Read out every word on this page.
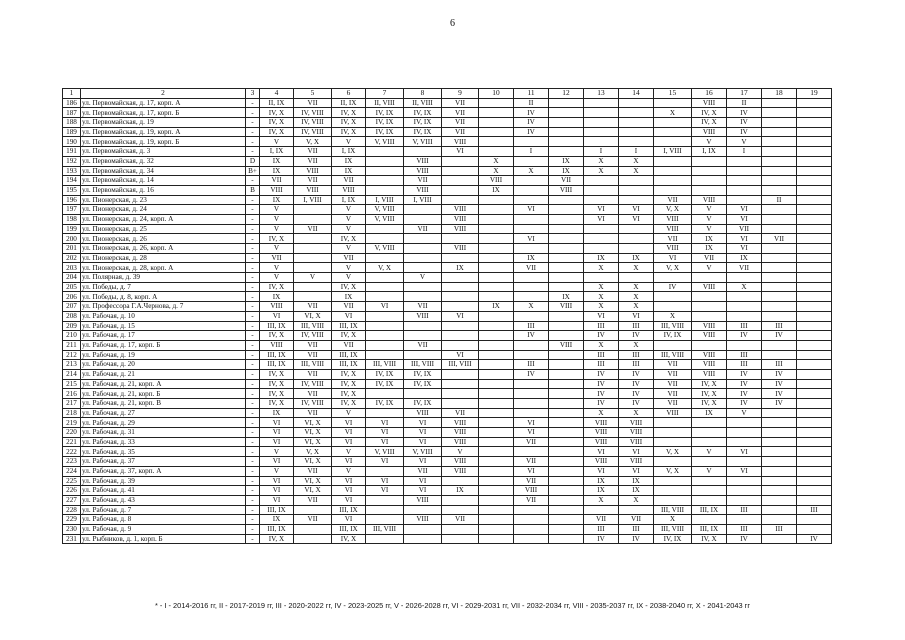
6
1	2	3	4	5	6	7	8	9	10	11	12	13	14	15	16	17	18	19
186	ул. Первомайская, д. 17, корп. А	-	II, IX	VII	II, IX	II, VIII	II, VIII	VII		II					VIII	II		
187	ул. Первомайская, д. 17, корп. Б	-	IV, X	IV, VIII	IV, X	IV, IX	IV, IX	VII		IV				X	IV, X	IV		
188	ул. Первомайская, д. 19	-	IV, X	IV, VIII	IV, X	IV, IX	IV, IX	VII		IV					IV, X	IV		
189	ул. Первомайская, д. 19, корп. А	-	IV, X	IV, VIII	IV, X	IV, IX	IV, IX	VII		IV					VIII	IV		
190	ул. Первомайская, д. 19, корп. Б	-	V	V, X	V	V, VIII	V, VIII	VIII							V	V		
191	ул. Первомайская, д. 3	-	I, IX	VII	I, IX			VI		I		I	I	I, VIII	I, IX	I		
192	ул. Первомайская, д. 32	D	IX	VII	IX		VIII		X		IX	X	X					
193	ул. Первомайская, д. 34	B+	IX	VIII	IX		VIII		X	X	IX	X	X					
194	ул. Первомайская, д. 14	-	VII	VII	VII		VII		VIII		VII							
195	ул. Первомайская, д. 16	B	VIII	VIII	VIII		VIII		IX		VIII							
196	ул. Пионерская, д. 23	-	IX	I, VIII	I, IX	I, VIII	I, VIII							VII	VIII		II	
197	ул. Пионерская, д. 24	-	V		V	V, VIII		VIII		VI		VI	VI	V, X	V	VI		
198	ул. Пионерская, д. 24, корп. А	-	V		V	V, VIII		VIII				VI	VI	VIII	V	VI		
199	ул. Пионерская, д. 25	-	V	VII	V		VII	VIII						VIII	V	VII		
200	ул. Пионерская, д. 26	-	IV, X		IV, X					VI				VII	IX	VI	VII	
201	ул. Пионерская, д. 26, корп. А	-	V		V	V, VIII		VIII						VIII	IX	VI		
202	ул. Пионерская, д. 28	-	VII		VII					IX		IX	IX	VI	VII	IX		
203	ул. Пионерская, д. 28, корп. А	-	V		V	V, X		IX		VII		X	X	V, X	V	VII		
204	ул. Полярная, д. 39	-	V	V	V		V											
205	ул. Победы, д. 7	-	IV, X		IV, X							X	X	IV	VIII	X		
206	ул. Победы, д. 8, корп. А	-	IX		IX						IX	X	X					
207	ул. Профессора Г.А.Чернова, д. 7	-	VIII	VII	VII	VI	VII		IX	X	VIII	X	X					
208	ул. Рабочая, д. 10	-	VI	VI, X	VI		VIII	VI				VI	VI	X				
209	ул. Рабочая, д. 15	-	III, IX	III, VIII	III, IX					III		III	III	III, VIII	VIII	III	III	
210	ул. Рабочая, д. 17	-	IV, X	IV, VIII	IV, X					IV		IV	IV	IV, IX	VIII	IV	IV	
211	ул. Рабочая, д. 17, корп. Б	-	VIII	VII	VII		VII				VIII	X	X					
212	ул. Рабочая, д. 19	-	III, IX	VII	III, IX			VI				III	III	III, VIII	VIII	III		
213	ул. Рабочая, д. 20	-	III, IX	III, VIII	III, IX	III, VIII	III, VIII	III, VIII		III		III	III	VII	VIII	III	III	
214	ул. Рабочая, д. 21	-	IV, X	VII	IV, X	IV, IX	IV, IX			IV		IV	IV	VII	VIII	IV	IV	
215	ул. Рабочая, д. 21, корп. А	-	IV, X	IV, VIII	IV, X	IV, IX	IV, IX					IV	IV	VII	IV, X	IV	IV	
216	ул. Рабочая, д. 21, корп. Б	-	IV, X	VII	IV, X							IV	IV	VII	IV, X	IV	IV	
217	ул. Рабочая, д. 21, корп. В	-	IV, X	IV, VIII	IV, X	IV, IX	IV, IX					IV	IV	VII	IV, X	IV	IV	
218	ул. Рабочая, д. 27	-	IX	VII	V		VIII	VII				X	X	VIII	IX	V		
219	ул. Рабочая, д. 29	-	VI	VI, X	VI	VI	VI	VIII		VI		VIII	VIII					
220	ул. Рабочая, д. 31	-	VI	VI, X	VI	VI	VI	VIII		VI		VIII	VIII					
221	ул. Рабочая, д. 33	-	VI	VI, X	VI	VI	VI	VIII		VII		VIII	VIII					
222	ул. Рабочая, д. 35	-	V	V, X	V	V, VIII	V, VIII	V				VI	VI	V, X	V	VI		
223	ул. Рабочая, д. 37	-	VI	VI, X	VI	VI	VI	VIII		VII		VIII	VIII					
224	ул. Рабочая, д. 37, корп. А	-	V	VII	V		VII	VIII		VI		VI	VI	V, X	V	VI		
225	ул. Рабочая, д. 39	-	VI	VI, X	VI	VI	VI			VII		IX	IX					
226	ул. Рабочая, д. 41	-	VI	VI, X	VI	VI	VI	IX		VIII		IX	IX					
227	ул. Рабочая, д. 43	-	VI	VII	VI		VIII			VII		X	X					
228	ул. Рабочая, д. 7	-	III, IX		III, IX									III, VIII	III, IX	III		III
229	ул. Рабочая, д. 8	-	IX	VII	VI		VIII	VII				VII	VII	X				
230	ул. Рабочая, д. 9	-	III, IX		III, IX	III, VIII						III	III	III, VIII	III, IX	III	III	
231	ул. Рыбников, д. 1, корп. Б	-	IV, X		IV, X							IV	IV	IV, IX	IV, X	IV		IV
* - I - 2014-2016 гг, II - 2017-2019 гг, III - 2020-2022 гг, IV - 2023-2025 гг, V - 2026-2028 гг, VI - 2029-2031 гг, VII - 2032-2034 гг, VIII - 2035-2037 гг, IX - 2038-2040 гг, X - 2041-2043 гг
